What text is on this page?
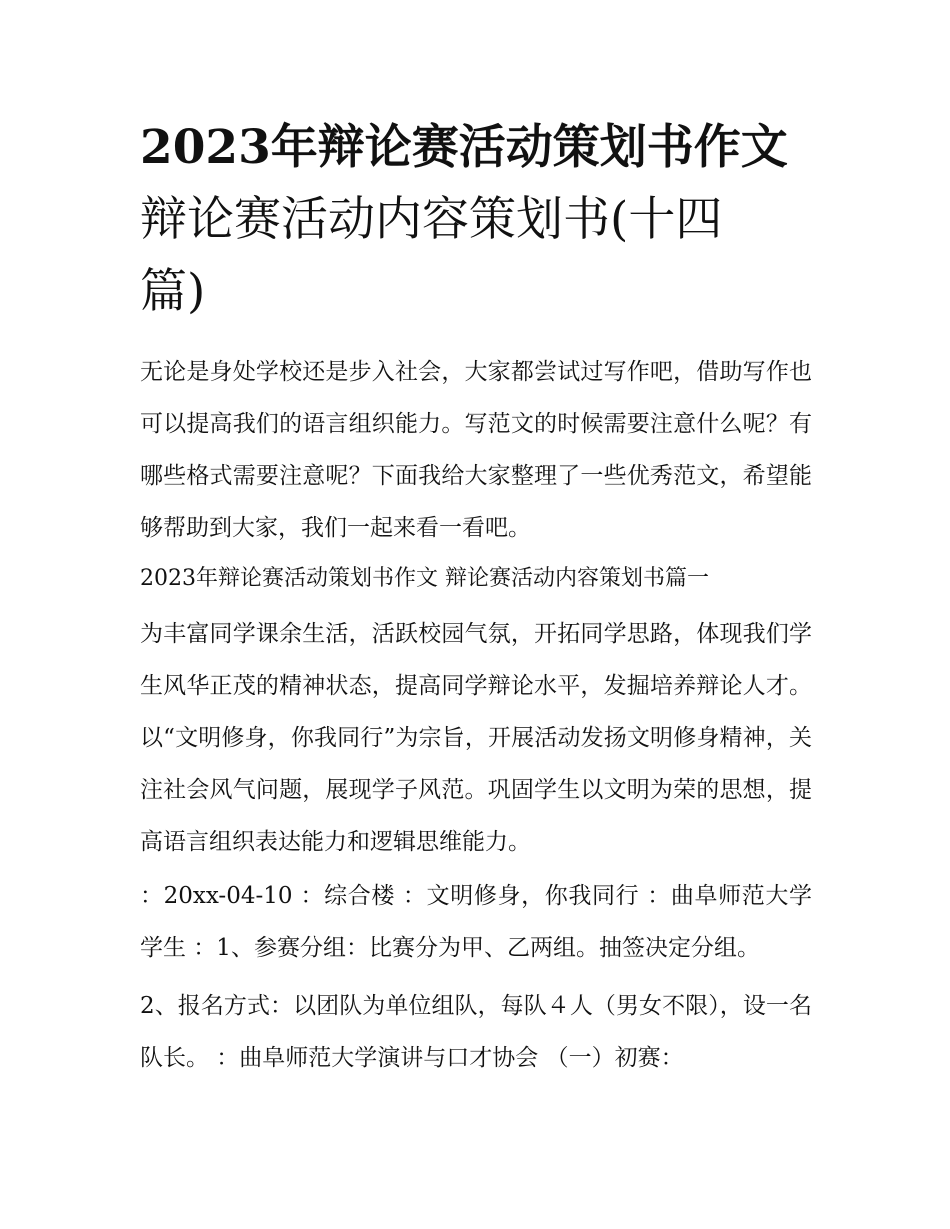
2023年辩论赛活动策划书作文
辩论赛活动内容策划书(十四
篇)

无论是身处学校还是步入社会，大家都尝试过写作吧，借助写作也可以提高我们的语言组织能力。写范文的时候需要注意什么呢？有哪些格式需要注意呢？下面我给大家整理了一些优秀范文，希望能够帮助到大家，我们一起来看一看吧。

2023年辩论赛活动策划书作文 辩论赛活动内容策划书篇一

为丰富同学课余生活，活跃校园气氛，开拓同学思路，体现我们学生风华正茂的精神状态，提高同学辩论水平，发掘培养辩论人才。以“文明修身，你我同行”为宗旨，开展活动发扬文明修身精神，关注社会风气问题，展现学子风范。巩固学生以文明为荣的思想，提高语言组织表达能力和逻辑思维能力。

：20xx-04-10 ：综合楼 ：文明修身，你我同行 ：曲阜师范大学学生 ：1、参赛分组：比赛分为甲、乙两组。抽签决定分组。

2、报名方式：以团队为单位组队，每队４人（男女不限），设一名队长。 ：曲阜师范大学演讲与口才协会 （一）初赛：
